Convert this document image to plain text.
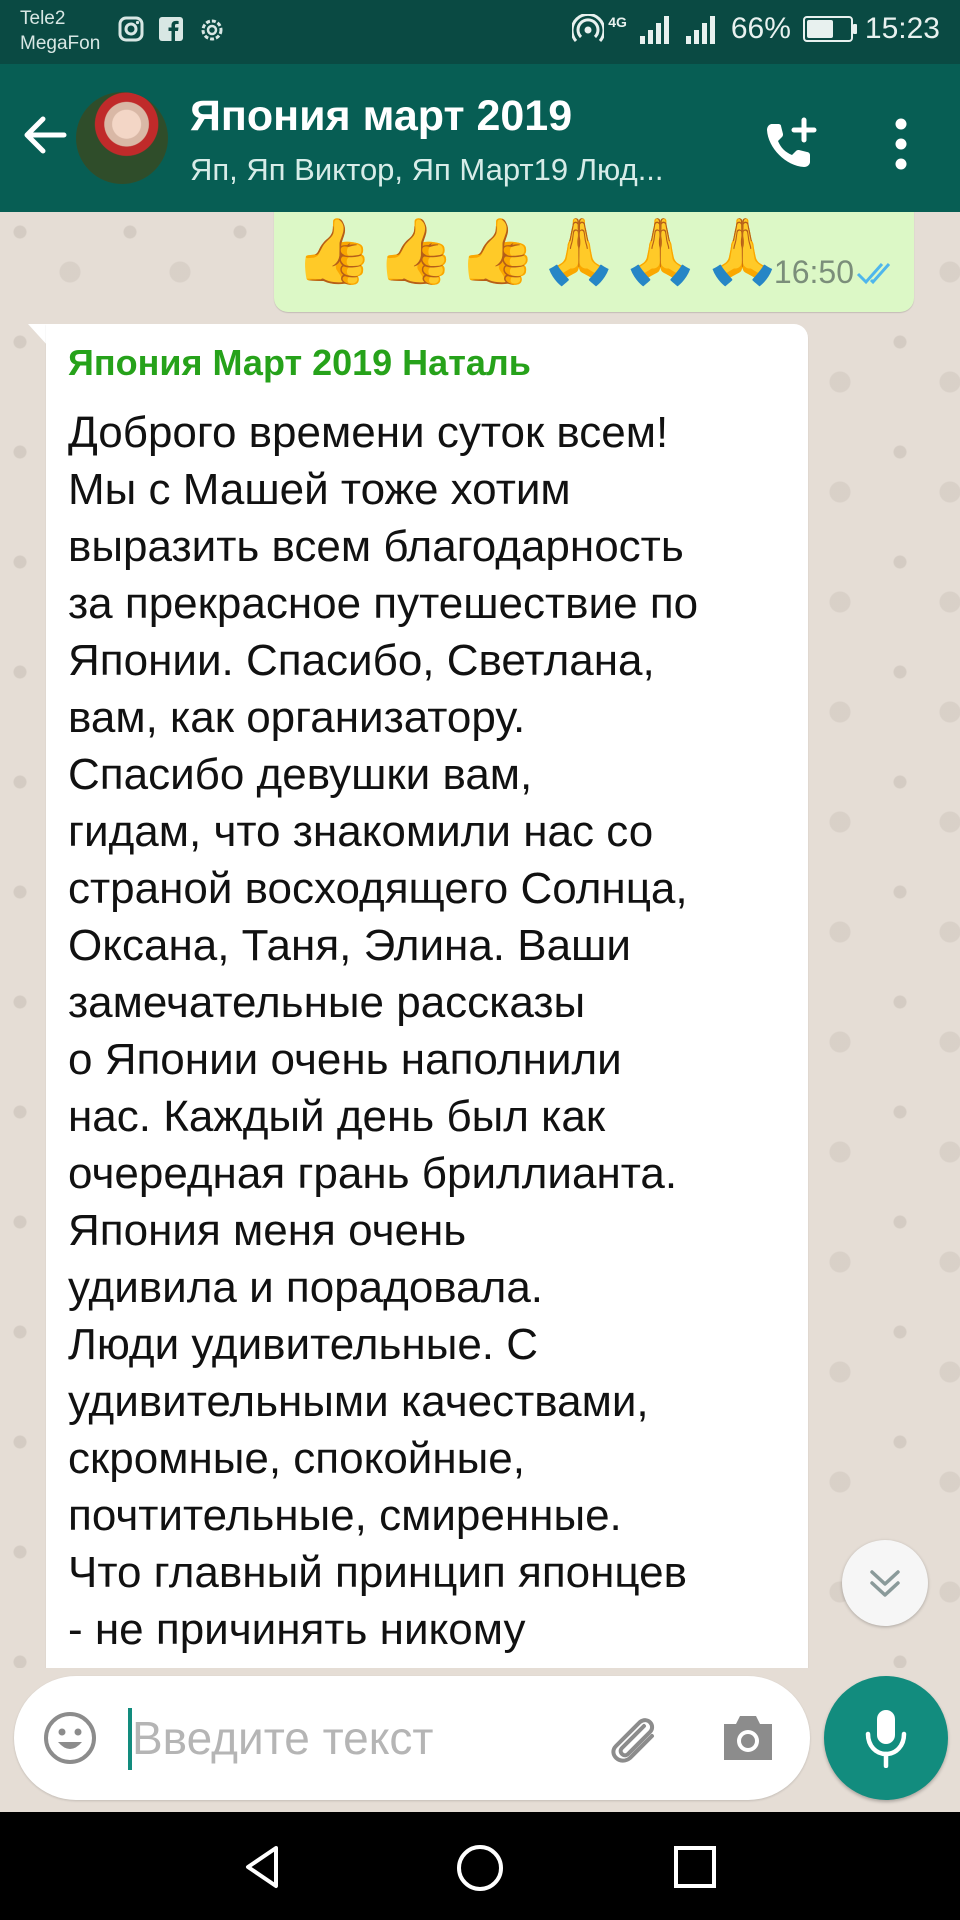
Tele2
MegaFon
4G	66% 15:23
Япония март 2019
Яп, Яп Виктор, Яп Март19 Люд...
👍👍👍🙏🙏🙏
16:50
Япония Март 2019 Наталь
Доброго времени суток всем!
Мы с Машей тоже хотим
выразить всем благодарность
за прекрасное путешествие по
Японии. Спасибо, Светлана,
вам, как организатору.
Спасибо девушки вам,
гидам, что знакомили нас со
страной восходящего Солнца,
Оксана, Таня, Элина. Ваши
замечательные рассказы
о Японии очень наполнили
нас. Каждый день был как
очередная грань бриллианта.
Япония меня очень
удивила и порадовала.
Люди удивительные. С
удивительными качествами,
скромные, спокойные,
почтительные, смиренные.
Что главный принцип японцев
- не причинять никому
Введите текст
